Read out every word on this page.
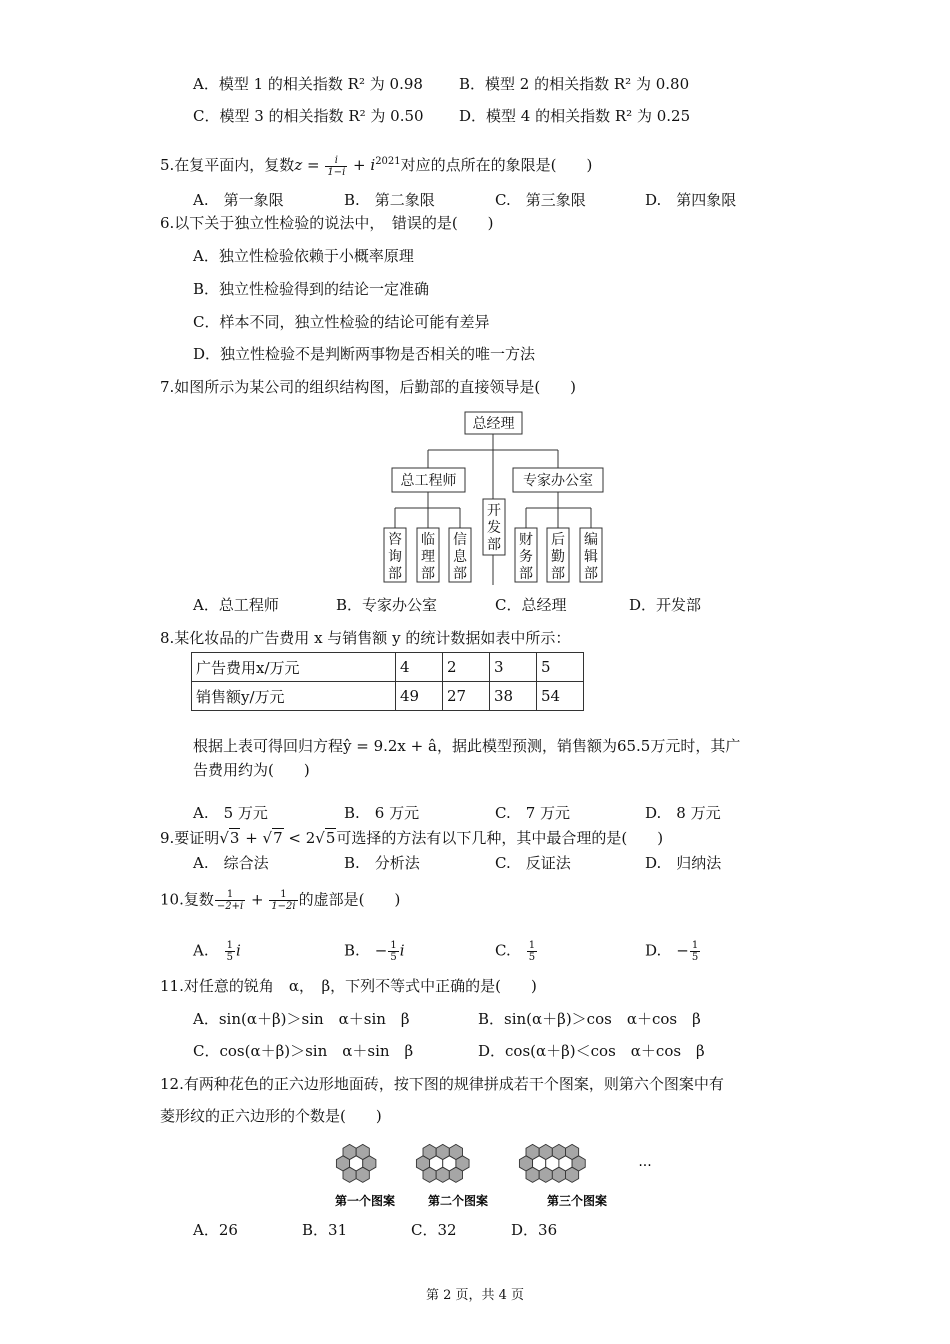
A．模型 1 的相关指数 R² 为 0.98 B．模型 2 的相关指数 R² 为 0.80
C．模型 3 的相关指数 R² 为 0.50 D．模型 4 的相关指数 R² 为 0.25
5.在复平面内，复数$z = \frac{i}{1-i} + i^{2021}$对应的点所在的象限是(　　)
A.　第一象限	B.　第二象限	C.　第三象限	D.　第四象限
6.以下关于独立性检验的说法中，　错误的是(　　)
A．独立性检验依赖于小概率原理
B．独立性检验得到的结论一定准确
C．样本不同，独立性检验的结论可能有差异
D．独立性检验不是判断两事物是否相关的唯一方法
7.如图所示为某公司的组织结构图，后勤部的直接领导是(　　)
总经理
总工程师	专家办公室
开
发
部
咨
询
部
临
理
部
信
息
部
财
务
部
后
勤
部
编
辑
部
A．总工程师	B．专家办公室	C．总经理	D．开发部
8.某化妆品的广告费用 x 与销售额 y 的统计数据如表中所示：
广告费用x/万元	4	2	3	5
销售额y/万元	49	27	38	54
根据上表可得回归方程ŷ = 9.2x + â，据此模型预测，销售额为65.5万元时，其广
告费用约为(　　)
A.　5 万元	B.　6 万元	C.　7 万元	D.　8 万元
9.要证明√3 + √7 < 2√5可选择的方法有以下几种，其中最合理的是(　　)
A.　综合法	B.　分析法	C.　反证法	D.　归纳法
10.复数 $\frac{1}{-2+i} + \frac{1}{1-2i}$ 的虚部是(　　)
A.　 $\frac{1}{5}$ i	B.　− $\frac{1}{5}$ i	C.　 $\frac{1}{5}$	D.　− $\frac{1}{5}$
11.对任意的锐角　α，　β，下列不等式中正确的是(　　)
A．sin(α＋β)＞sin　α＋sin　β	B．sin(α＋β)＞cos　α＋cos　β
C．cos(α＋β)＞sin　α＋sin　β	D．cos(α＋β)＜cos　α＋cos　β
12.有两种花色的正六边形地面砖，按下图的规律拼成若干个图案，则第六个图案中有
菱形纹的正六边形的个数是(　　)
第一个图案	第二个图案	第三个图案
···
A．26	B．31	C．32	D．36
第 2 页，共 4 页
